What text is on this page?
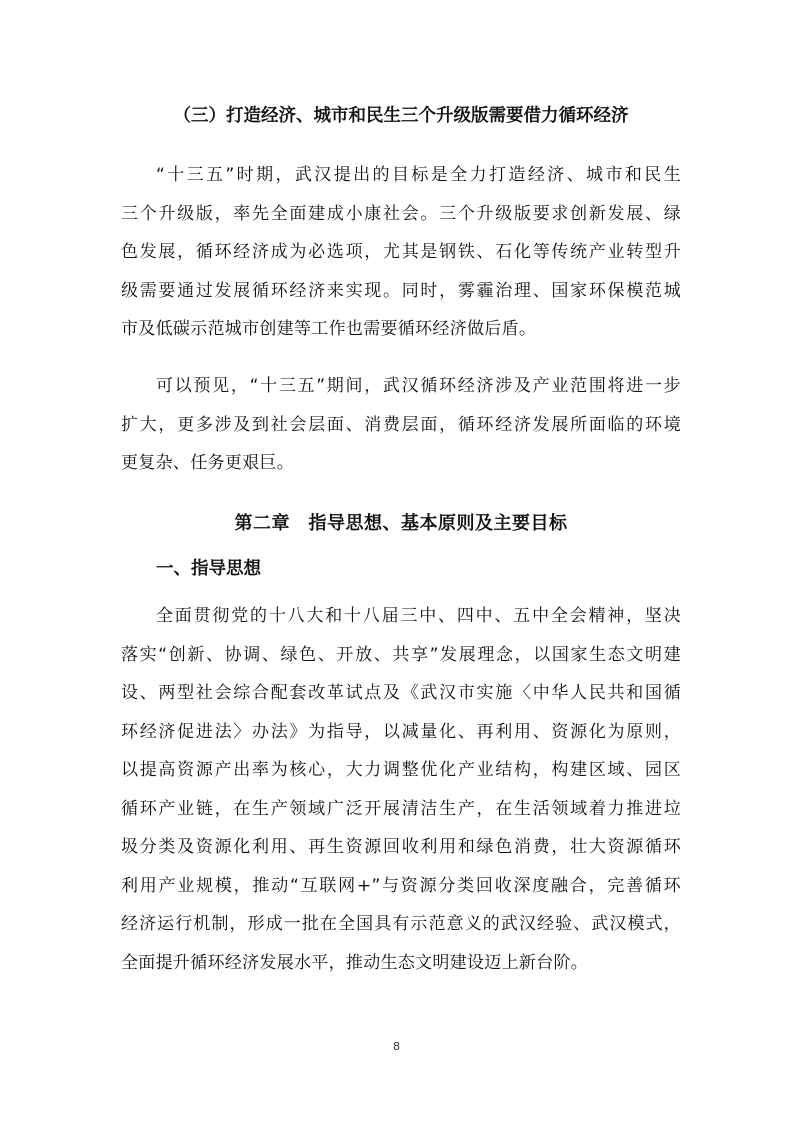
（三）打造经济、城市和民生三个升级版需要借力循环经济
“十三五”时期，武汉提出的目标是全力打造经济、城市和民生
三个升级版，率先全面建成小康社会。三个升级版要求创新发展、绿
色发展，循环经济成为必选项，尤其是钢铁、石化等传统产业转型升
级需要通过发展循环经济来实现。同时，雾霾治理、国家环保模范城
市及低碳示范城市创建等工作也需要循环经济做后盾。
可以预见，“十三五”期间，武汉循环经济涉及产业范围将进一步
扩大，更多涉及到社会层面、消费层面，循环经济发展所面临的环境
更复杂、任务更艰巨。
第二章　指导思想、基本原则及主要目标
一、指导思想
全面贯彻党的十八大和十八届三中、四中、五中全会精神，坚决
落实“创新、协调、绿色、开放、共享”发展理念，以国家生态文明建
设、两型社会综合配套改革试点及《武汉市实施〈中华人民共和国循
环经济促进法〉办法》为指导，以减量化、再利用、资源化为原则，
以提高资源产出率为核心，大力调整优化产业结构，构建区域、园区
循环产业链，在生产领域广泛开展清洁生产，在生活领域着力推进垃
圾分类及资源化利用、再生资源回收利用和绿色消费，壮大资源循环
利用产业规模，推动“互联网+”与资源分类回收深度融合，完善循环
经济运行机制，形成一批在全国具有示范意义的武汉经验、武汉模式，
全面提升循环经济发展水平，推动生态文明建设迈上新台阶。
8
